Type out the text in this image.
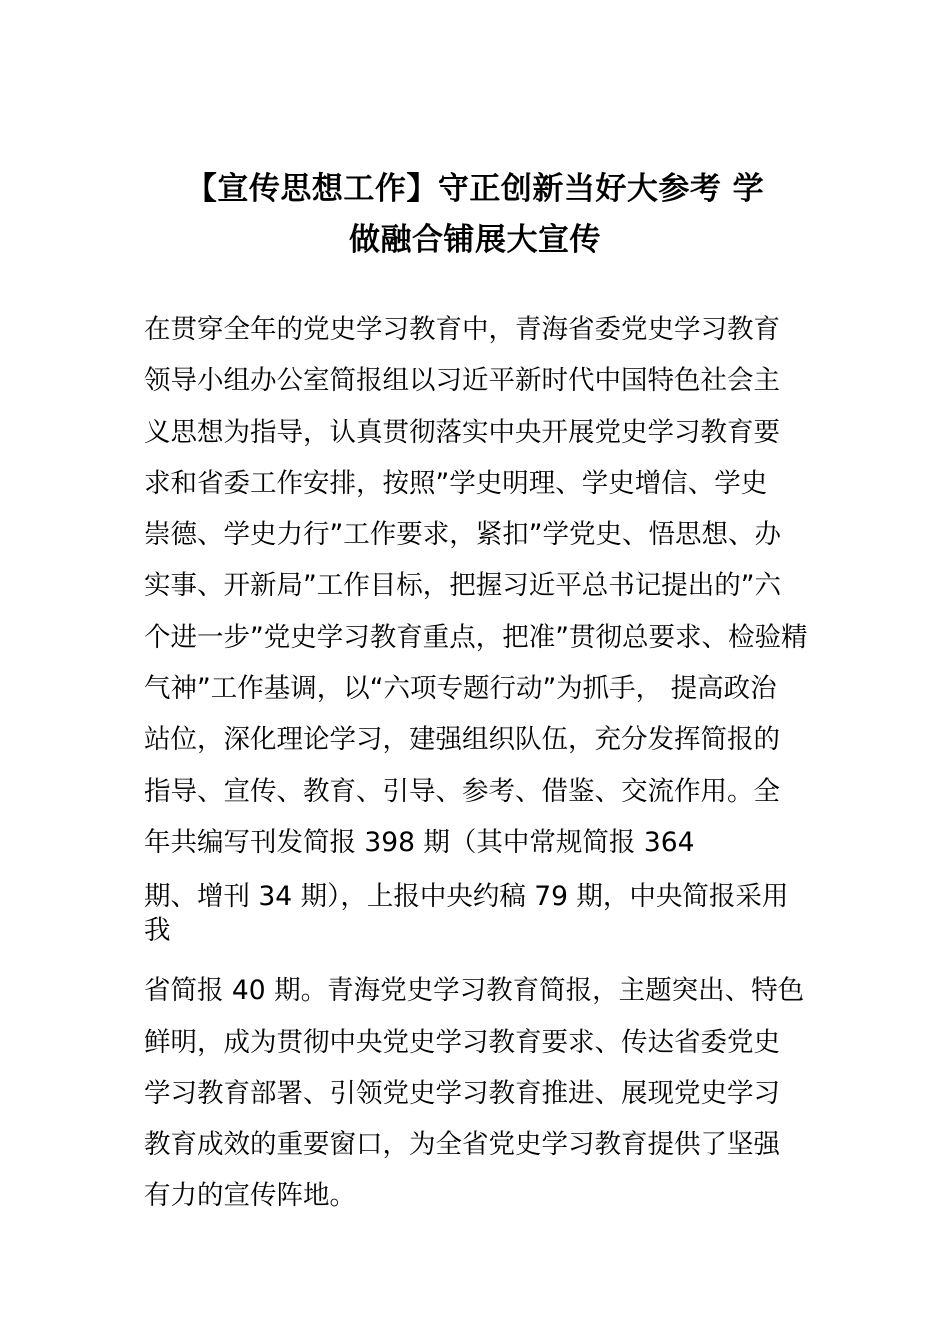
【宣传思想工作】守正创新当好大参考 学
做融合铺展大宣传
在贯穿全年的党史学习教育中，青海省委党史学习教育
领导小组办公室简报组以习近平新时代中国特色社会主
义思想为指导，认真贯彻落实中央开展党史学习教育要
求和省委工作安排，按照”学史明理、学史增信、学史
崇德、学史力行”工作要求，紧扣”学党史、悟思想、办
实事、开新局”工作目标，把握习近平总书记提出的”六
个进一步”党史学习教育重点，把准”贯彻总要求、检验精
气神”工作基调，以“六项专题行动”为抓手， 提高政治
站位，深化理论学习，建强组织队伍，充分发挥简报的
指导、宣传、教育、引导、参考、借鉴、交流作用。全
年共编写刊发简报 398 期（其中常规简报 364
期、增刊 34 期），上报中央约稿 79 期，中央简报采用
我
省简报 40 期。青海党史学习教育简报，主题突出、特色
鲜明，成为贯彻中央党史学习教育要求、传达省委党史
学习教育部署、引领党史学习教育推进、展现党史学习
教育成效的重要窗口，为全省党史学习教育提供了坚强
有力的宣传阵地。
